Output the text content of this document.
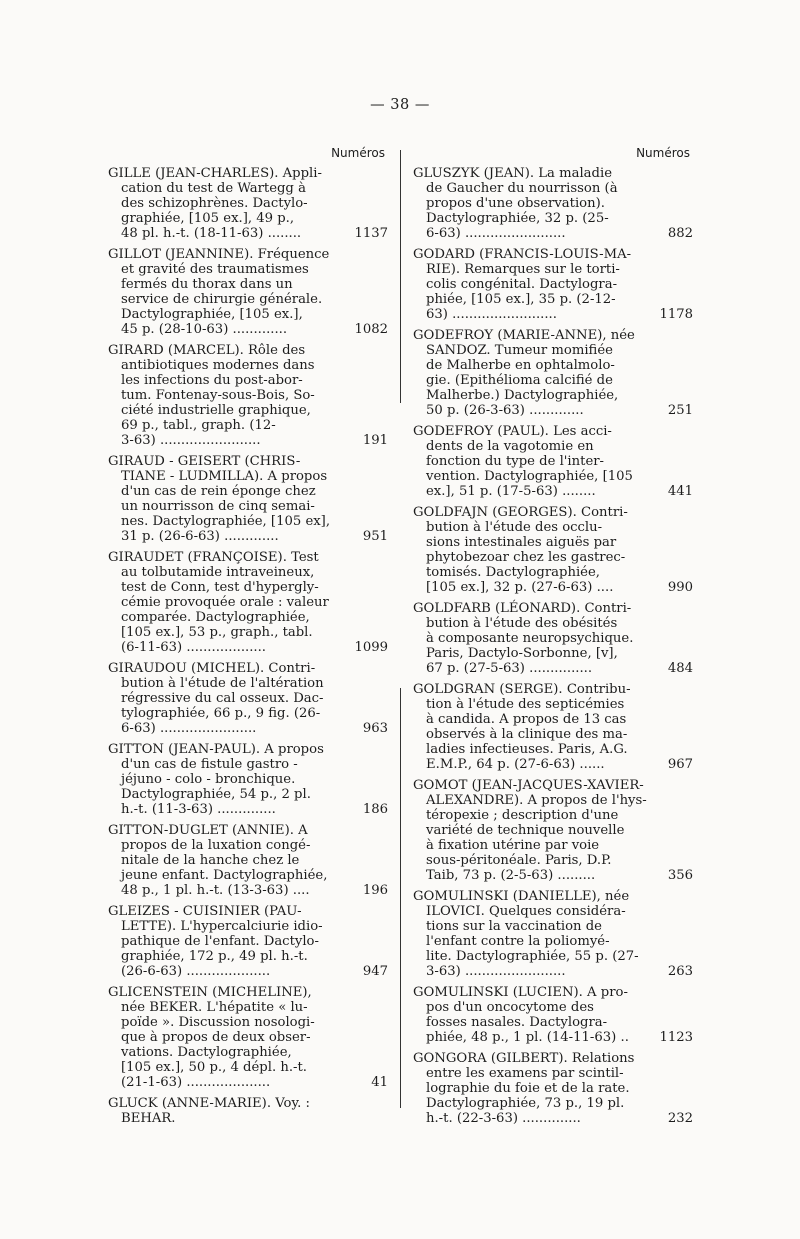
— 38 —
Numéros
GILLE (JEAN-CHARLES). Appli-
cation du test de Wartegg à
des schizophrènes. Dactylo-
graphiée, [105 ex.], 49 p.,
48 pl. h.-t. (18-11-63) ........	1137
GILLOT (JEANNINE). Fréquence
et gravité des traumatismes
fermés du thorax dans un
service de chirurgie générale.
Dactylographiée, [105 ex.],
45 p. (28-10-63) .............	1082
GIRARD (MARCEL). Rôle des
antibiotiques modernes dans
les infections du post-abor-
tum. Fontenay-sous-Bois, So-
ciété industrielle graphique,
69 p., tabl., graph. (12-
3-63) ........................	191
GIRAUD - GEISERT (CHRIS-
TIANE - LUDMILLA). A propos
d'un cas de rein éponge chez
un nourrisson de cinq semai-
nes. Dactylographiée, [105 ex],
31 p. (26-6-63) .............	951
GIRAUDET (FRANÇOISE). Test
au tolbutamide intraveineux,
test de Conn, test d'hypergly-
cémie provoquée orale : valeur
comparée. Dactylographiée,
[105 ex.], 53 p., graph., tabl.
(6-11-63) ...................	1099
GIRAUDOU (MICHEL). Contri-
bution à l'étude de l'altération
régressive du cal osseux. Dac-
tylographiée, 66 p., 9 fig. (26-
6-63) .......................	963
GITTON (JEAN-PAUL). A propos
d'un cas de fistule gastro -
jéjuno - colo - bronchique.
Dactylographiée, 54 p., 2 pl.
h.-t. (11-3-63) ..............	186
GITTON-DUGLET (ANNIE). A
propos de la luxation congé-
nitale de la hanche chez le
jeune enfant. Dactylographiée,
48 p., 1 pl. h.-t. (13-3-63) ....	196
GLEIZES - CUISINIER (PAU-
LETTE). L'hypercalciurie idio-
pathique de l'enfant. Dactylo-
graphiée, 172 p., 49 pl. h.-t.
(26-6-63) ....................	947
GLICENSTEIN (MICHELINE),
née BEKER. L'hépatite « lu-
poïde ». Discussion nosologi-
que à propos de deux obser-
vations. Dactylographiée,
[105 ex.], 50 p., 4 dépl. h.-t.
(21-1-63) ....................	41
GLUCK (ANNE-MARIE). Voy. :
BEHAR.
Numéros
GLUSZYK (JEAN). La maladie
de Gaucher du nourrisson (à
propos d'une observation).
Dactylographiée, 32 p. (25-
6-63) ........................	882
GODARD (FRANCIS-LOUIS-MA-
RIE). Remarques sur le torti-
colis congénital. Dactylogra-
phiée, [105 ex.], 35 p. (2-12-
63) .........................	1178
GODEFROY (MARIE-ANNE), née
SANDOZ. Tumeur momifiée
de Malherbe en ophtalmolo-
gie. (Epithélioma calcifié de
Malherbe.) Dactylographiée,
50 p. (26-3-63) .............	251
GODEFROY (PAUL). Les acci-
dents de la vagotomie en
fonction du type de l'inter-
vention. Dactylographiée, [105
ex.], 51 p. (17-5-63) ........	441
GOLDFAJN (GEORGES). Contri-
bution à l'étude des occlu-
sions intestinales aiguës par
phytobezoar chez les gastrec-
tomisés. Dactylographiée,
[105 ex.], 32 p. (27-6-63) ....	990
GOLDFARB (LÉONARD). Contri-
bution à l'étude des obésités
à composante neuropsychique.
Paris, Dactylo-Sorbonne, [v],
67 p. (27-5-63) ...............	484
GOLDGRAN (SERGE). Contribu-
tion à l'étude des septicémies
à candida. A propos de 13 cas
observés à la clinique des ma-
ladies infectieuses. Paris, A.G.
E.M.P., 64 p. (27-6-63) ......	967
GOMOT (JEAN-JACQUES-XAVIER-
ALEXANDRE). A propos de l'hys-
téropexie ; description d'une
variété de technique nouvelle
à fixation utérine par voie
sous-péritonéale. Paris, D.P.
Taib, 73 p. (2-5-63) .........	356
GOMULINSKI (DANIELLE), née
ILOVICI. Quelques considéra-
tions sur la vaccination de
l'enfant contre la poliomyé-
lite. Dactylographiée, 55 p. (27-
3-63) ........................	263
GOMULINSKI (LUCIEN). A pro-
pos d'un oncocytome des
fosses nasales. Dactylogra-
phiée, 48 p., 1 pl. (14-11-63) .. 1123
GONGORA (GILBERT). Relations
entre les examens par scintil-
lographie du foie et de la rate.
Dactylographiée, 73 p., 19 pl.
h.-t. (22-3-63) ..............	232
